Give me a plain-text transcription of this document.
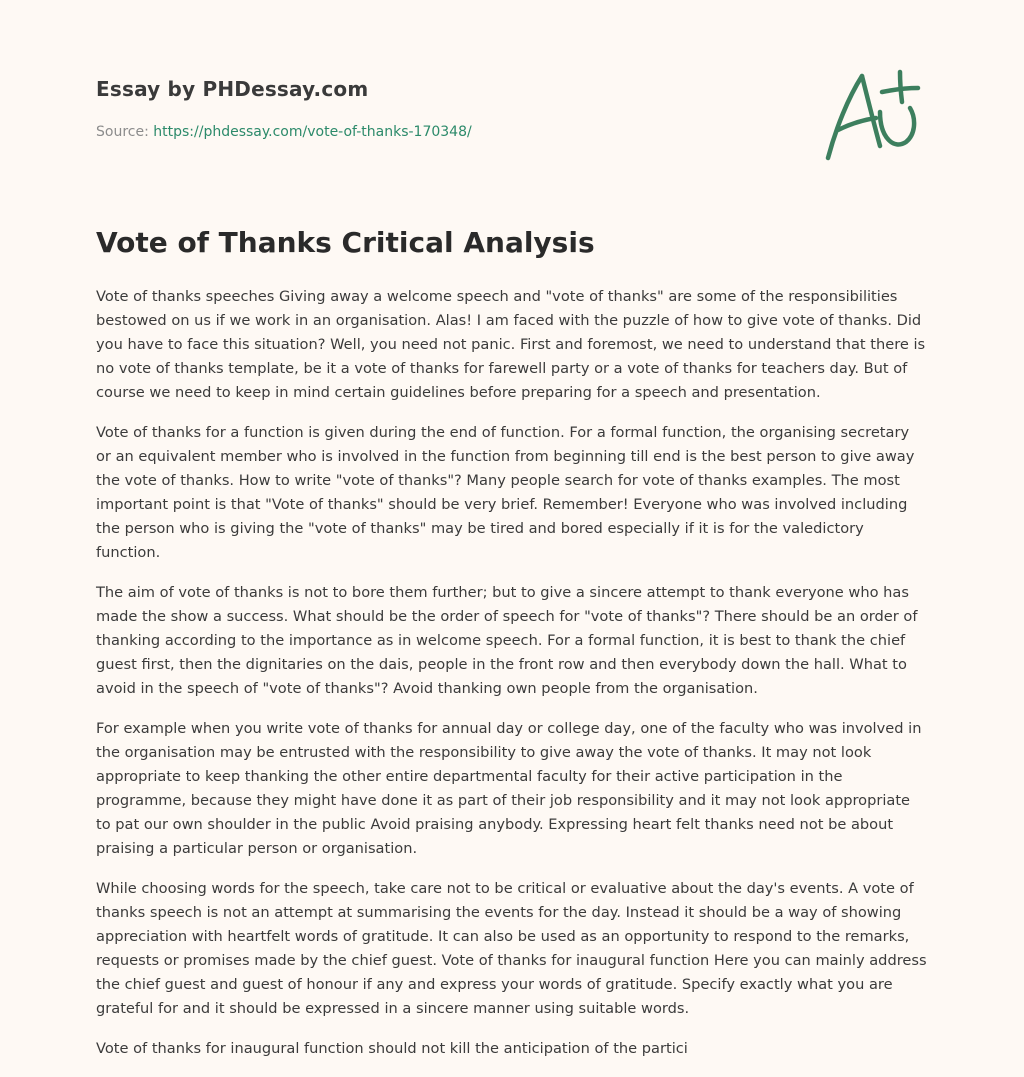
Essay by PHDessay.com
Source: https://phdessay.com/vote-of-thanks-170348/
Vote of Thanks Critical Analysis

Vote of thanks speeches Giving away a welcome speech and "vote of thanks" are some of the responsibilities bestowed on us if we work in an organisation. Alas! I am faced with the puzzle of how to give vote of thanks. Did you have to face this situation? Well, you need not panic. First and foremost, we need to understand that there is no vote of thanks template, be it a vote of thanks for farewell party or a vote of thanks for teachers day. But of course we need to keep in mind certain guidelines before preparing for a speech and presentation.

Vote of thanks for a function is given during the end of function. For a formal function, the organising secretary or an equivalent member who is involved in the function from beginning till end is the best person to give away the vote of thanks. How to write "vote of thanks"? Many people search for vote of thanks examples. The most important point is that "Vote of thanks" should be very brief. Remember! Everyone who was involved including the person who is giving the "vote of thanks" may be tired and bored especially if it is for the valedictory function.

The aim of vote of thanks is not to bore them further; but to give a sincere attempt to thank everyone who has made the show a success. What should be the order of speech for "vote of thanks"? There should be an order of thanking according to the importance as in welcome speech. For a formal function, it is best to thank the chief guest first, then the dignitaries on the dais, people in the front row and then everybody down the hall. What to avoid in the speech of "vote of thanks"? Avoid thanking own people from the organisation.

For example when you write vote of thanks for annual day or college day, one of the faculty who was involved in the organisation may be entrusted with the responsibility to give away the vote of thanks. It may not look appropriate to keep thanking the other entire departmental faculty for their active participation in the programme, because they might have done it as part of their job responsibility and it may not look appropriate to pat our own shoulder in the public Avoid praising anybody. Expressing heart felt thanks need not be about praising a particular person or organisation.

While choosing words for the speech, take care not to be critical or evaluative about the day's events. A vote of thanks speech is not an attempt at summarising the events for the day. Instead it should be a way of showing appreciation with heartfelt words of gratitude. It can also be used as an opportunity to respond to the remarks, requests or promises made by the chief guest. Vote of thanks for inaugural function Here you can mainly address the chief guest and guest of honour if any and express your words of gratitude. Specify exactly what you are grateful for and it should be expressed in a sincere manner using suitable words.

Vote of thanks for inaugural function should not kill the anticipation of the partici
